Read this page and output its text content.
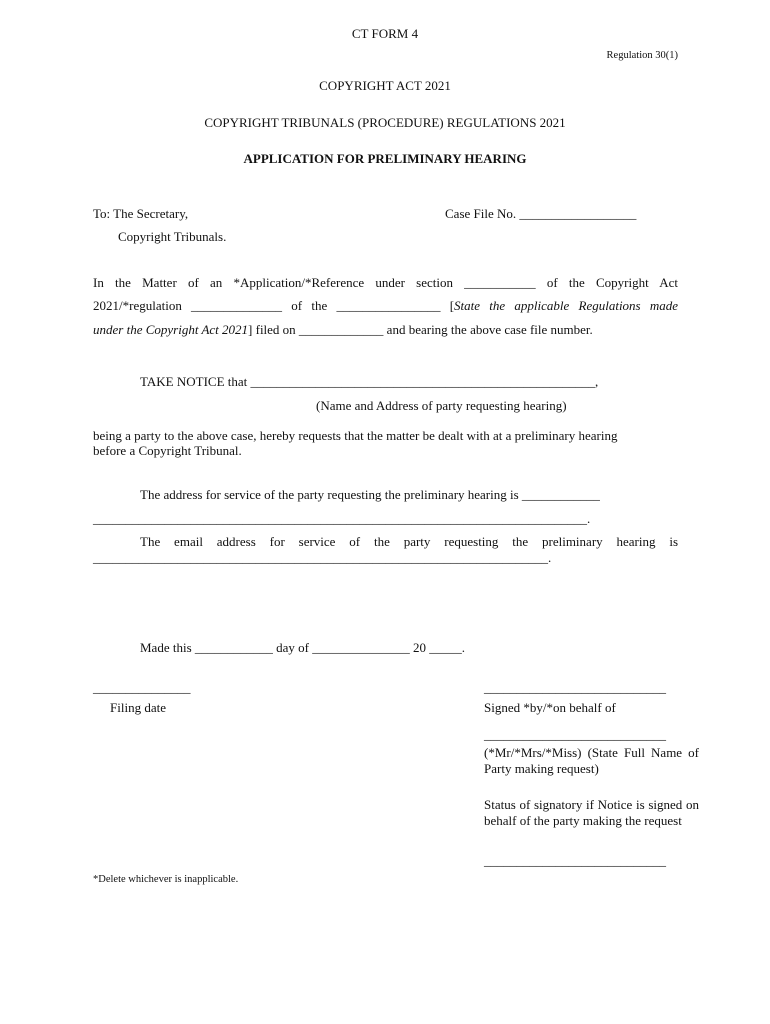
CT FORM 4
Regulation 30(1)
COPYRIGHT ACT 2021
COPYRIGHT TRIBUNALS (PROCEDURE) REGULATIONS 2021
APPLICATION FOR PRELIMINARY HEARING
To: The Secretary,	Case File No. __________________
Copyright Tribunals.
In the Matter of an *Application/*Reference under section ___________ of the Copyright Act
2021/*regulation ______________ of the ________________ [State the applicable Regulations made
under the Copyright Act 2021] filed on _____________ and bearing the above case file number.
TAKE NOTICE that _____________________________________________________,
(Name and Address of party requesting hearing)
being a party to the above case, hereby requests that the matter be dealt with at a preliminary hearing
before a Copyright Tribunal.
The address for service of the party requesting the preliminary hearing is ____________
____________________________________________________________________________.
The email address for service of the party requesting the preliminary hearing is
______________________________________________________________________.
Made this ____________ day of _______________ 20 _____.
_______________
Filing date
____________________________
Signed *by/*on behalf of
____________________________
(*Mr/*Mrs/*Miss) (State Full Name of Party making request)
Status of signatory if Notice is signed on behalf of the party making the request
____________________________
*Delete whichever is inapplicable.
